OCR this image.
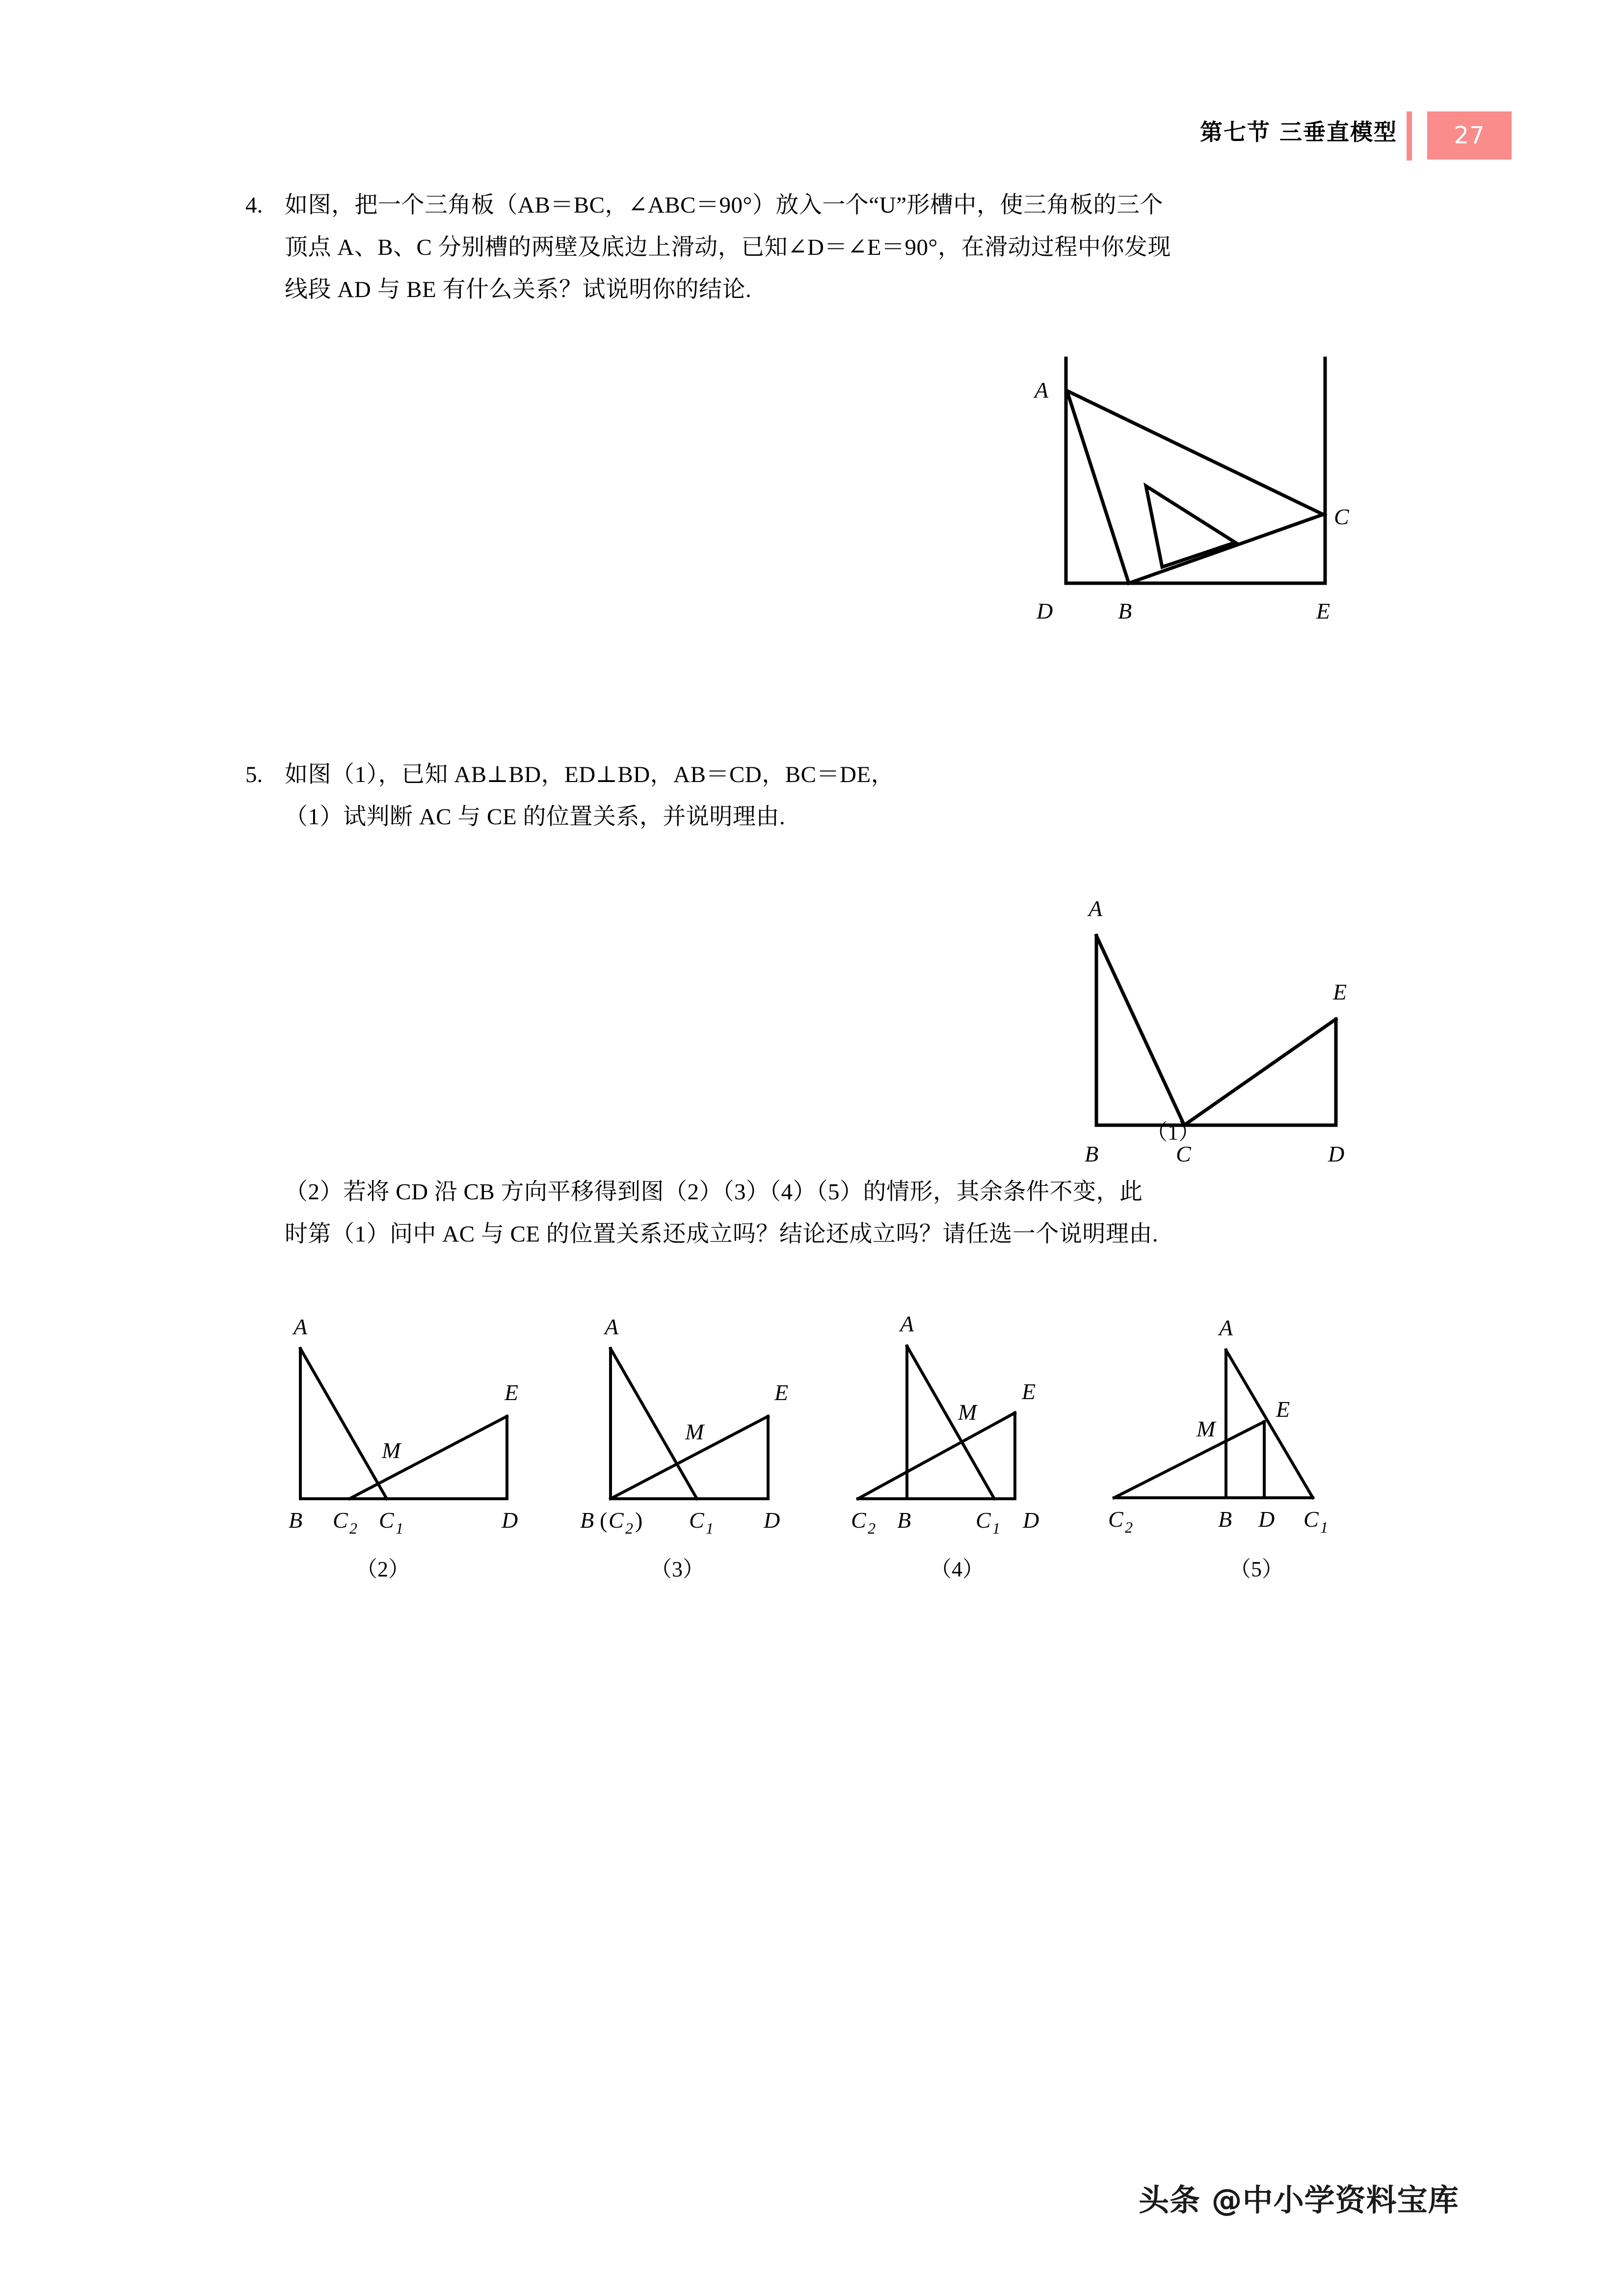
第七节 三垂直模型 27
4. 如图，把一个三角板（AB＝BC，∠ABC＝90°）放入一个“U”形槽中，使三角板的三个
顶点 A、B、C 分别槽的两壁及底边上滑动，已知∠D＝∠E＝90°，在滑动过程中你发现
线段 AD 与 BE 有什么关系？试说明你的结论.
A
C
D	B	E
5. 如图（1），已知 AB⊥BD，ED⊥BD，AB＝CD，BC＝DE，
（1）试判断 AC 与 CE 的位置关系，并说明理由.
A
E
B	C	D
（1）
（2）若将 CD 沿 CB 方向平移得到图（2）（3）（4）（5）的情形，其余条件不变，此
时第（1）问中 AC 与 CE 的位置关系还成立吗？结论还成立吗？请任选一个说明理由.
A
E
M
B C 2 C 1	D
（2）
A
E
M
B ( C 2 ) C 1 D
（3）
A
E
M
C 2 B	C 1 D
（4）
A
E
M
C 2	B D C 1
（5）
头条 @中小学资料宝库
